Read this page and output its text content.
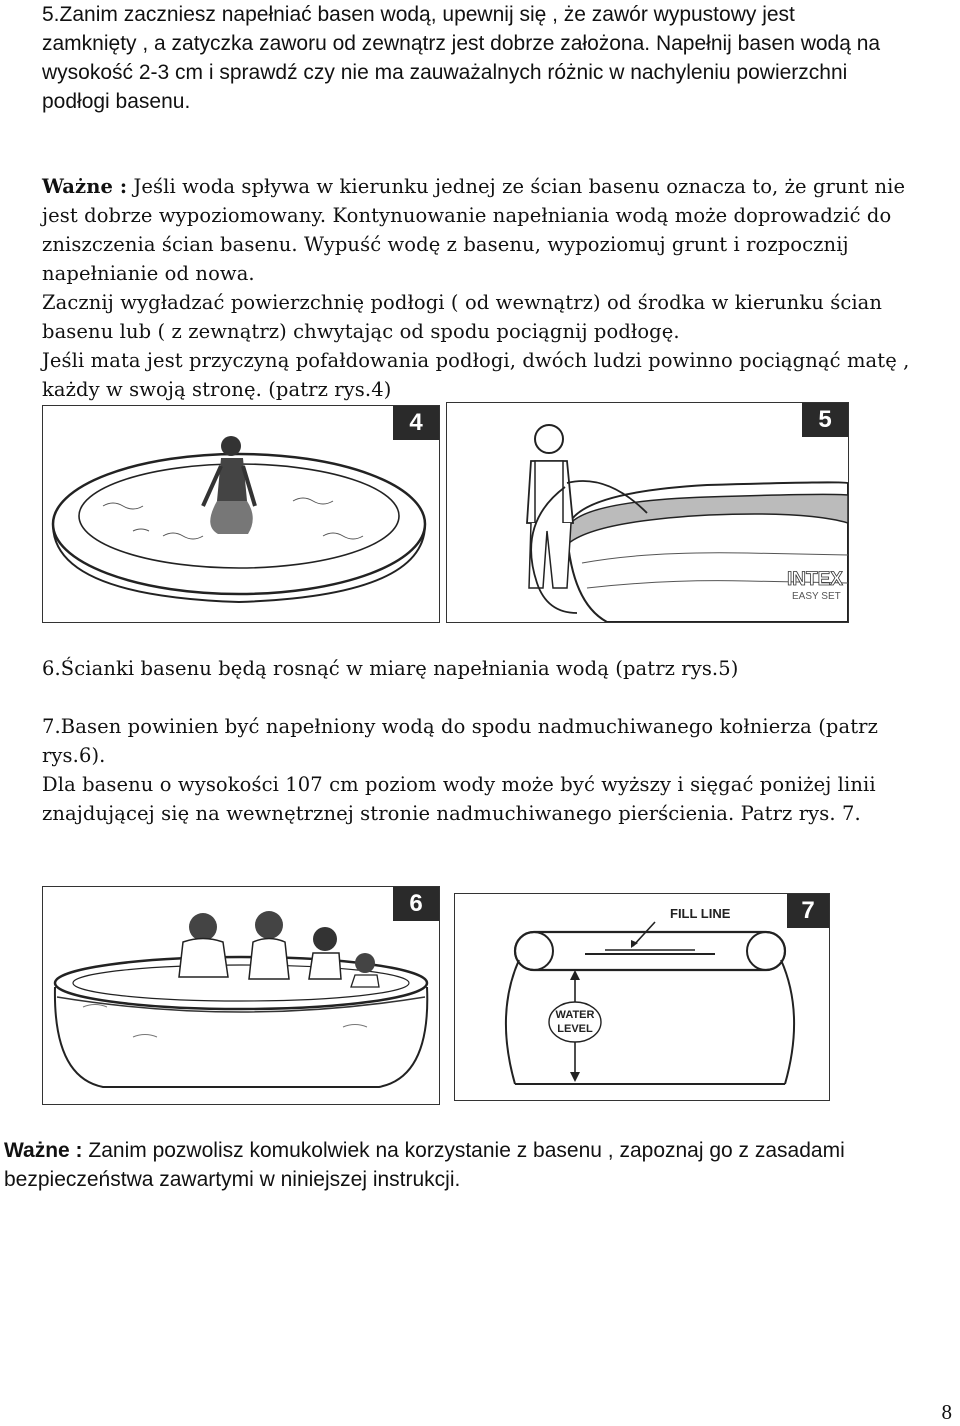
5.Zanim zaczniesz napełniać basen wodą, upewnij się , że zawór wypustowy jest

zamknięty , a zatyczka zaworu od zewnątrz jest dobrze założona. Napełnij basen wodą na

wysokość 2-3 cm i sprawdź czy nie ma zauważalnych różnic w nachyleniu powierzchni

podłogi basenu.

Ważne : Jeśli woda spływa w kierunku jednej ze ścian basenu oznacza to, że grunt nie

jest dobrze wypoziomowany. Kontynuowanie napełniania wodą może doprowadzić do

zniszczenia ścian basenu. Wypuść wodę z basenu, wypoziomuj grunt i rozpocznij

napełnianie od nowa.

Zacznij wygładzać powierzchnię podłogi ( od wewnątrz) od środka w kierunku ścian

basenu lub ( z zewnątrz) chwytając od spodu pociągnij podłogę.

Jeśli mata jest przyczyną pofałdowania podłogi, dwóch ludzi powinno pociągnąć matę ,

każdy w swoją stronę. (patrz rys.4)

4
INTEX
EASY SET
5

6.Ścianki basenu będą rosnąć w miarę napełniania wodą (patrz rys.5)

7.Basen powinien być napełniony wodą do spodu nadmuchiwanego kołnierza (patrz

rys.6).

Dla basenu o wysokości 107 cm poziom wody może być wyższy i sięgać poniżej linii

znajdującej się na wewnętrznej stronie nadmuchiwanego pierścienia. Patrz rys. 7.

6	FILL LINE
WATER
LEVEL
7

Ważne : Zanim pozwolisz komukolwiek na korzystanie z basenu , zapoznaj go z zasadami

bezpieczeństwa zawartymi w niniejszej instrukcji.

8
